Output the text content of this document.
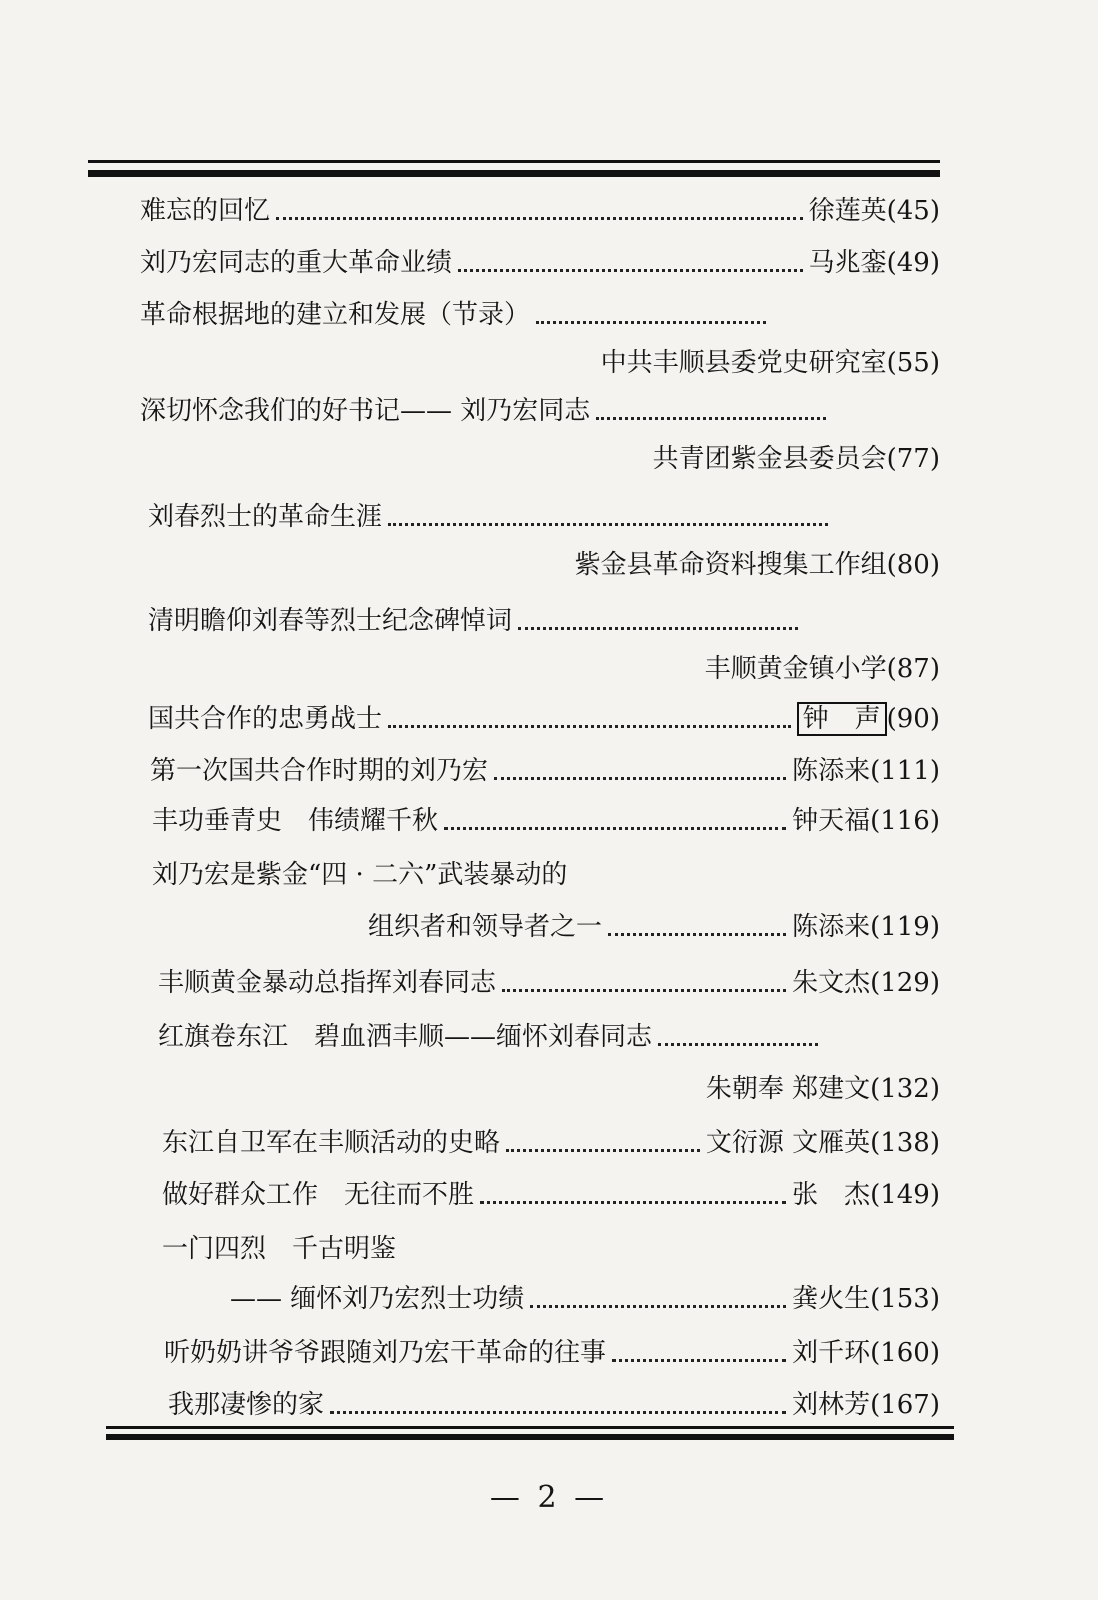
难忘的回忆	徐莲英(45)
刘乃宏同志的重大革命业绩	马兆銮(49)
革命根据地的建立和发展（节录）
中共丰顺县委党史研究室(55)
深切怀念我们的好书记—— 刘乃宏同志
共青团紫金县委员会(77)
刘春烈士的革命生涯
紫金县革命资料搜集工作组(80)
清明瞻仰刘春等烈士纪念碑悼词
丰顺黄金镇小学(87)
国共合作的忠勇战士	钟　声 (90)
第一次国共合作时期的刘乃宏	陈添来(111)
丰功垂青史　伟绩耀千秋	钟天福(116)
刘乃宏是紫金“四 · 二六”武装暴动的
组织者和领导者之一	陈添来(119)
丰顺黄金暴动总指挥刘春同志	朱文杰(129)
红旗卷东江　碧血洒丰顺——缅怀刘春同志
朱朝奉 郑建文(132)
东江自卫军在丰顺活动的史略	文衍源 文雁英(138)
做好群众工作　无往而不胜	张　杰(149)
一门四烈　千古明鉴
—— 缅怀刘乃宏烈士功绩	龚火生(153)
听奶奶讲爷爷跟随刘乃宏干革命的往事	刘千环(160)
我那凄惨的家	刘林芳(167)
— 2 —
